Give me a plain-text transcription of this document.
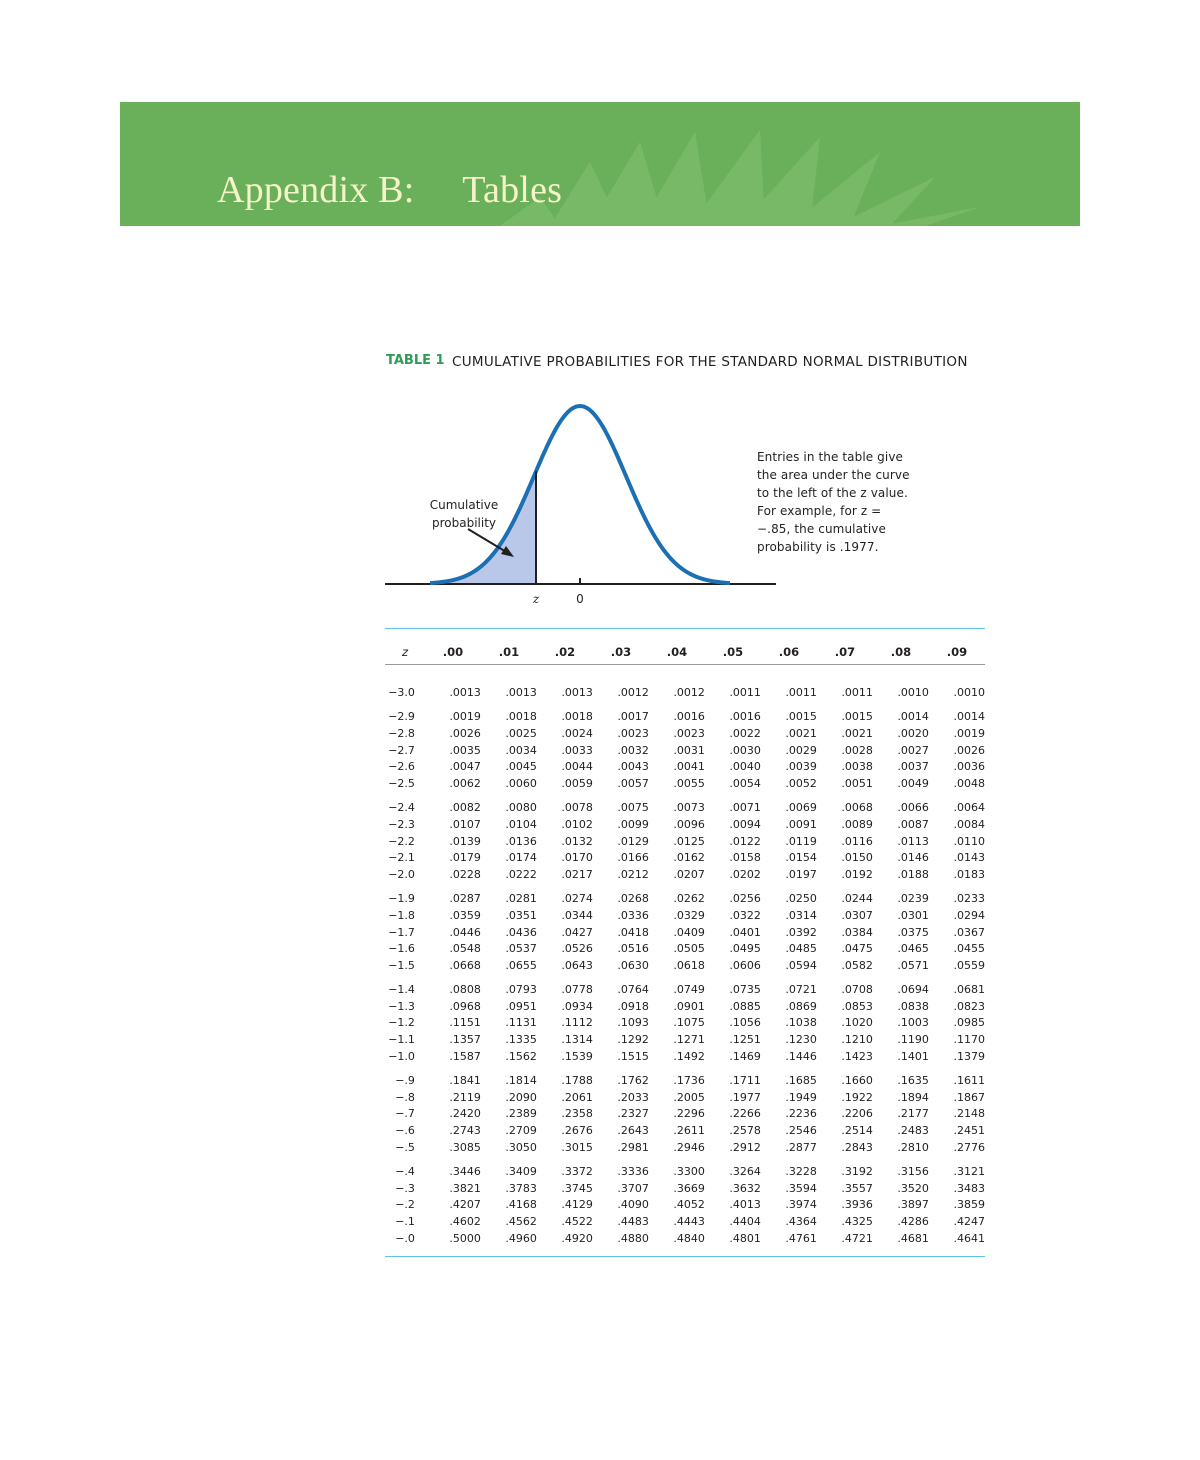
Appendix B:     Tables
TABLE 1 CUMULATIVE PROBABILITIES FOR THE STANDARD NORMAL DISTRIBUTION
Cumulative
probability
z	0
Entries in the table give the area under the curve to the left of the z value. For example, for z = −.85, the cumulative probability is .1977.
z	.00	.01	.02	.03	.04	.05	.06	.07	.08	.09

−3.0	.0013	.0013	.0013	.0012	.0012	.0011	.0011	.0011	.0010	.0010

−2.9	.0019	.0018	.0018	.0017	.0016	.0016	.0015	.0015	.0014	.0014
−2.8	.0026	.0025	.0024	.0023	.0023	.0022	.0021	.0021	.0020	.0019
−2.7	.0035	.0034	.0033	.0032	.0031	.0030	.0029	.0028	.0027	.0026
−2.6	.0047	.0045	.0044	.0043	.0041	.0040	.0039	.0038	.0037	.0036
−2.5	.0062	.0060	.0059	.0057	.0055	.0054	.0052	.0051	.0049	.0048

−2.4	.0082	.0080	.0078	.0075	.0073	.0071	.0069	.0068	.0066	.0064
−2.3	.0107	.0104	.0102	.0099	.0096	.0094	.0091	.0089	.0087	.0084
−2.2	.0139	.0136	.0132	.0129	.0125	.0122	.0119	.0116	.0113	.0110
−2.1	.0179	.0174	.0170	.0166	.0162	.0158	.0154	.0150	.0146	.0143
−2.0	.0228	.0222	.0217	.0212	.0207	.0202	.0197	.0192	.0188	.0183

−1.9	.0287	.0281	.0274	.0268	.0262	.0256	.0250	.0244	.0239	.0233
−1.8	.0359	.0351	.0344	.0336	.0329	.0322	.0314	.0307	.0301	.0294
−1.7	.0446	.0436	.0427	.0418	.0409	.0401	.0392	.0384	.0375	.0367
−1.6	.0548	.0537	.0526	.0516	.0505	.0495	.0485	.0475	.0465	.0455
−1.5	.0668	.0655	.0643	.0630	.0618	.0606	.0594	.0582	.0571	.0559

−1.4	.0808	.0793	.0778	.0764	.0749	.0735	.0721	.0708	.0694	.0681
−1.3	.0968	.0951	.0934	.0918	.0901	.0885	.0869	.0853	.0838	.0823
−1.2	.1151	.1131	.1112	.1093	.1075	.1056	.1038	.1020	.1003	.0985
−1.1	.1357	.1335	.1314	.1292	.1271	.1251	.1230	.1210	.1190	.1170
−1.0	.1587	.1562	.1539	.1515	.1492	.1469	.1446	.1423	.1401	.1379

−.9	.1841	.1814	.1788	.1762	.1736	.1711	.1685	.1660	.1635	.1611
−.8	.2119	.2090	.2061	.2033	.2005	.1977	.1949	.1922	.1894	.1867
−.7	.2420	.2389	.2358	.2327	.2296	.2266	.2236	.2206	.2177	.2148
−.6	.2743	.2709	.2676	.2643	.2611	.2578	.2546	.2514	.2483	.2451
−.5	.3085	.3050	.3015	.2981	.2946	.2912	.2877	.2843	.2810	.2776

−.4	.3446	.3409	.3372	.3336	.3300	.3264	.3228	.3192	.3156	.3121
−.3	.3821	.3783	.3745	.3707	.3669	.3632	.3594	.3557	.3520	.3483
−.2	.4207	.4168	.4129	.4090	.4052	.4013	.3974	.3936	.3897	.3859
−.1	.4602	.4562	.4522	.4483	.4443	.4404	.4364	.4325	.4286	.4247
−.0	.5000	.4960	.4920	.4880	.4840	.4801	.4761	.4721	.4681	.4641
